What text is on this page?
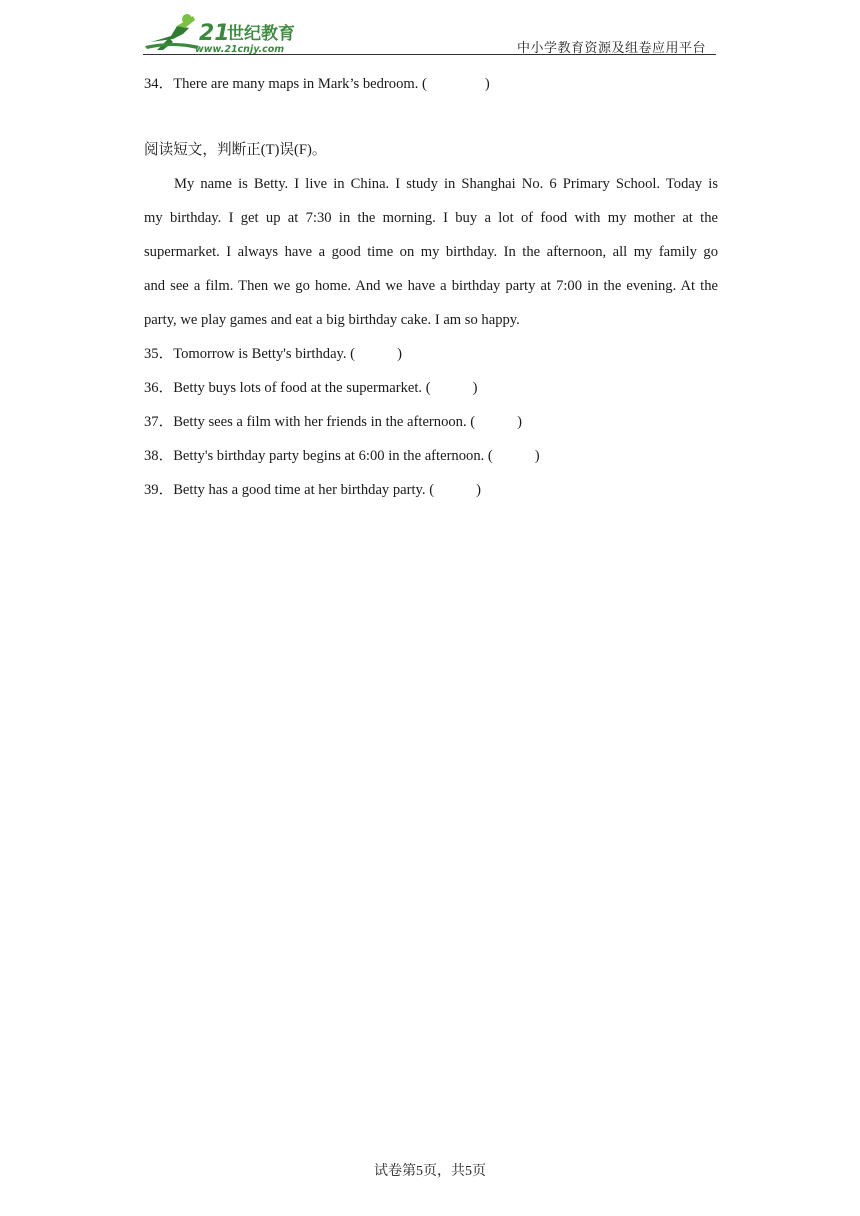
21
世纪教育
www.21cnjy.com	中小学教育资源及组卷应用平台
34．There are many maps in Mark’s bedroom. (	)
阅读短文，判断正(T)误(F)。
My name is Betty. I live in China. I study in Shanghai No. 6 Primary School. Today is
my birthday. I get up at 7:30 in the morning. I buy a lot of food with my mother at the
supermarket. I always have a good time on my birthday. In the afternoon, all my family go
and see a film. Then we go home. And we have a birthday party at 7:00 in the evening. At the
party, we play games and eat a big birthday cake. I am so happy.
35．Tomorrow is Betty's birthday. (	)
36．Betty buys lots of food at the supermarket. (	)
37．Betty sees a film with her friends in the afternoon. (	)
38．Betty's birthday party begins at 6:00 in the afternoon. (	)
39．Betty has a good time at her birthday party. (	)
试卷第5页，共5页
